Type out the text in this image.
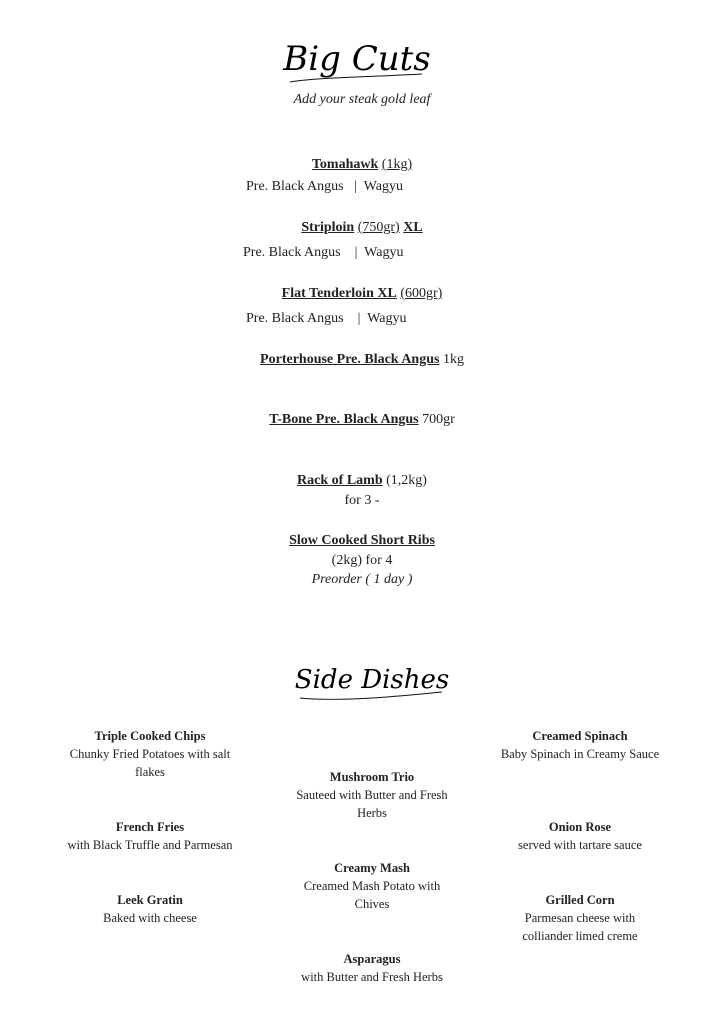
Big Cuts
Add your steak gold leaf
Tomahawk (1kg)
Pre. Black Angus   |  Wagyu
Striploin (750gr) XL
Pre. Black Angus    |  Wagyu
Flat Tenderloin XL (600gr)
Pre. Black Angus    |  Wagyu
Porterhouse Pre. Black Angus 1kg
T-Bone Pre. Black Angus 700gr
Rack of Lamb (1,2kg)
for 3 -
Slow Cooked Short Ribs
(2kg) for 4
Preorder ( 1 day )
Side Dishes
Triple Cooked Chips
Chunky Fried Potatoes with salt flakes
French Fries
with Black Truffle and Parmesan
Leek Gratin
Baked with cheese
Mushroom Trio
Sauteed with Butter and Fresh Herbs
Creamy Mash
Creamed Mash Potato with Chives
Asparagus
with Butter and Fresh Herbs
Creamed Spinach
Baby Spinach in Creamy Sauce
Onion Rose
served with tartare sauce
Grilled Corn
Parmesan cheese with colliander limed creme
